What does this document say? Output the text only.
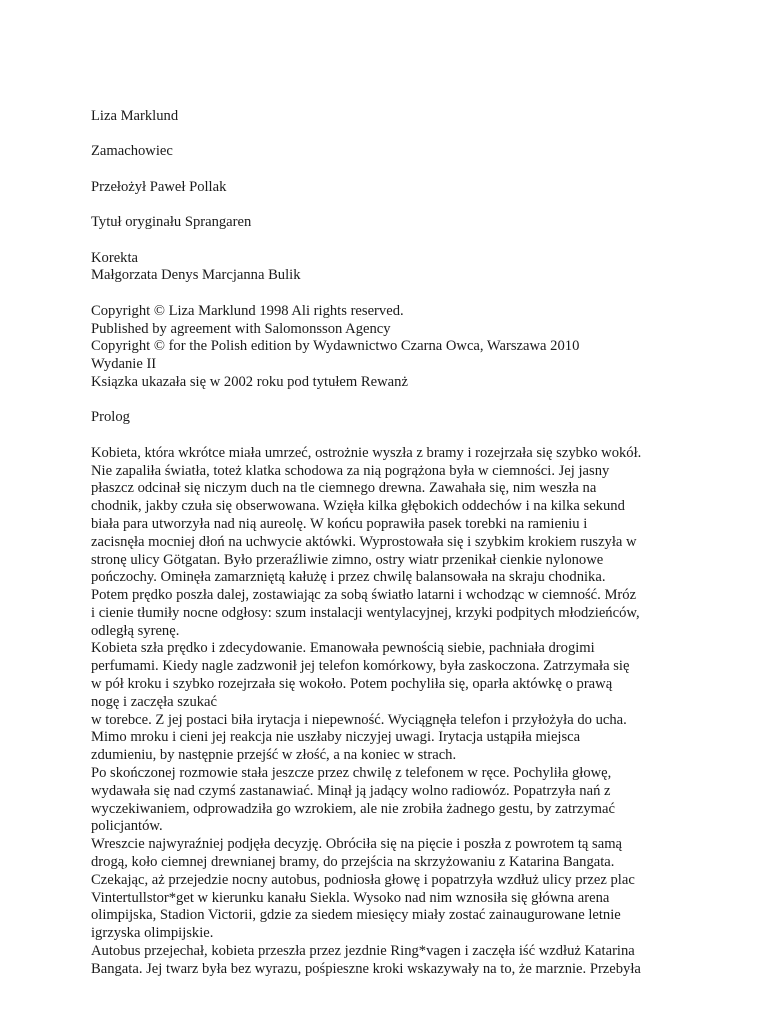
Liza Marklund
Zamachowiec
Przełożył Paweł Pollak
Tytuł oryginału Sprangaren
Korekta
Małgorzata Denys Marcjanna Bulik
Copyright © Liza Marklund 1998 Ali rights reserved.
Published by agreement with Salomonsson Agency
Copyright © for the Polish edition by Wydawnictwo Czarna Owca, Warszawa 2010
Wydanie II
Ksiązka ukazała się w 2002 roku pod tytułem Rewanż
Prolog
Kobieta, która wkrótce miała umrzeć, ostrożnie wyszła z bramy i rozejrzała się szybko wokół.
Nie zapaliła światła, toteż klatka schodowa za nią pogrążona była w ciemności. Jej jasny
płaszcz odcinał się niczym duch na tle ciemnego drewna. Zawahała się, nim weszła na
chodnik, jakby czuła się obserwowana. Wzięła kilka głębokich oddechów i na kilka sekund
biała para utworzyła nad nią aureolę. W końcu poprawiła pasek torebki na ramieniu i
zacisnęła mocniej dłoń na uchwycie aktówki. Wyprostowała się i szybkim krokiem ruszyła w
stronę ulicy Götgatan. Było przeraźliwie zimno, ostry wiatr przenikał cienkie nylonowe
pończochy. Ominęła zamarzniętą kałużę i przez chwilę balansowała na skraju chodnika.
Potem prędko poszła dalej, zostawiając za sobą światło latarni i wchodząc w ciemność. Mróz
i cienie tłumiły nocne odgłosy: szum instalacji wentylacyjnej, krzyki podpitych młodzieńców,
odległą syrenę.
Kobieta szła prędko i zdecydowanie. Emanowała pewnością siebie, pachniała drogimi
perfumami. Kiedy nagle zadzwonił jej telefon komórkowy, była zaskoczona. Zatrzymała się
w pół kroku i szybko rozejrzała się wokoło. Potem pochyliła się, oparła aktówkę o prawą
nogę i zaczęła szukać
w torebce. Z jej postaci biła irytacja i niepewność. Wyciągnęła telefon i przyłożyła do ucha.
Mimo mroku i cieni jej reakcja nie uszłaby niczyjej uwagi. Irytacja ustąpiła miejsca
zdumieniu, by następnie przejść w złość, a na koniec w strach.
Po skończonej rozmowie stała jeszcze przez chwilę z telefonem w ręce. Pochyliła głowę,
wydawała się nad czymś zastanawiać. Minął ją jadący wolno radiowóz. Popatrzyła nań z
wyczekiwaniem, odprowadziła go wzrokiem, ale nie zrobiła żadnego gestu, by zatrzymać
policjantów.
Wreszcie najwyraźniej podjęła decyzję. Obróciła się na pięcie i poszła z powrotem tą samą
drogą, koło ciemnej drewnianej bramy, do przejścia na skrzyżowaniu z Katarina Bangata.
Czekając, aż przejedzie nocny autobus, podniosła głowę i popatrzyła wzdłuż ulicy przez plac
Vintertullstor*get w kierunku kanału Siekla. Wysoko nad nim wznosiła się główna arena
olimpijska, Stadion Victorii, gdzie za siedem miesięcy miały zostać zainaugurowane letnie
igrzyska olimpijskie.
Autobus przejechał, kobieta przeszła przez jezdnie Ring*vagen i zaczęła iść wzdłuż Katarina
Bangata. Jej twarz była bez wyrazu, pośpieszne kroki wskazywały na to, że marznie. Przebyła
